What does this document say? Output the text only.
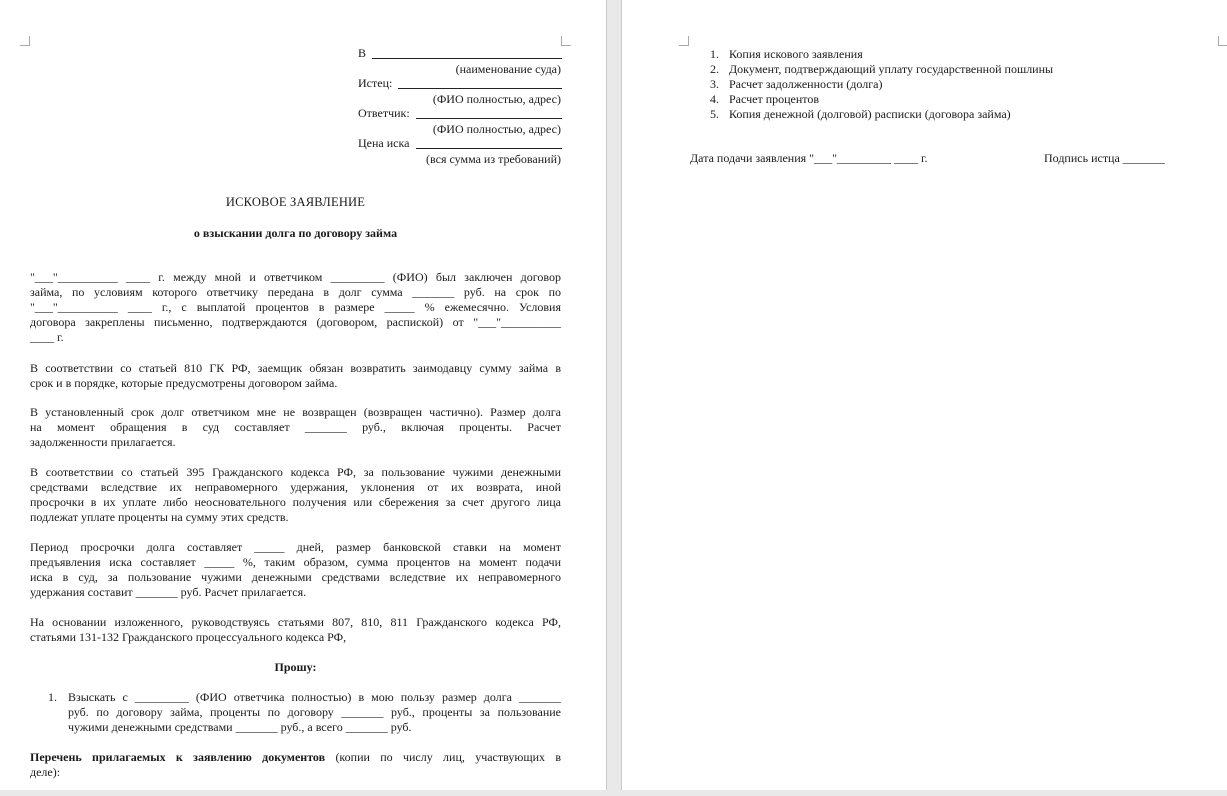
В
(наименование суда)
Истец:
(ФИО полностью, адрес)
Ответчик:
(ФИО полностью, адрес)
Цена иска
(вся сумма из требований)
ИСКОВОЕ ЗАЯВЛЕНИЕ
о взыскании долга по договору займа
"___"__________ ____ г. между мной и ответчиком _________ (ФИО) был заключен договор
займа, по условиям которого ответчику передана в долг сумма _______ руб. на срок по
"___"__________ ____ г., с выплатой процентов в размере _____ % ежемесячно. Условия
договора закреплены письменно, подтверждаются (договором, распиской) от "___"__________
____ г.
В соответствии со статьей 810 ГК РФ, заемщик обязан возвратить заимодавцу сумму займа в
срок и в порядке, которые предусмотрены договором займа.
В установленный срок долг ответчиком мне не возвращен (возвращен частично). Размер долга
на момент обращения в суд составляет _______ руб., включая проценты. Расчет
задолженности прилагается.
В соответствии со статьей 395 Гражданского кодекса РФ, за пользование чужими денежными
средствами вследствие их неправомерного удержания, уклонения от их возврата, иной
просрочки в их уплате либо неосновательного получения или сбережения за счет другого лица
подлежат уплате проценты на сумму этих средств.
Период просрочки долга составляет _____ дней, размер банковской ставки на момент
предъявления иска составляет _____ %, таким образом, сумма процентов на момент подачи
иска в суд, за пользование чужими денежными средствами вследствие их неправомерного
удержания составит _______ руб. Расчет прилагается.
На основании изложенного, руководствуясь статьями 807, 810, 811 Гражданского кодекса РФ,
статьями 131-132 Гражданского процессуального кодекса РФ,
Прошу:
1. Взыскать с _________ (ФИО ответчика полностью) в мою пользу размер долга _______
руб. по договору займа, проценты по договору _______ руб., проценты за пользование
чужими денежными средствами _______ руб., а всего _______ руб.
Перечень прилагаемых к заявлению документов (копии по числу лиц, участвующих в
деле):
1. Копия искового заявления
2. Документ, подтверждающий уплату государственной пошлины
3. Расчет задолженности (долга)
4. Расчет процентов
5. Копия денежной (долговой) расписки (договора займа)
Дата подачи заявления "___"_________ ____ г.	Подпись истца _______
